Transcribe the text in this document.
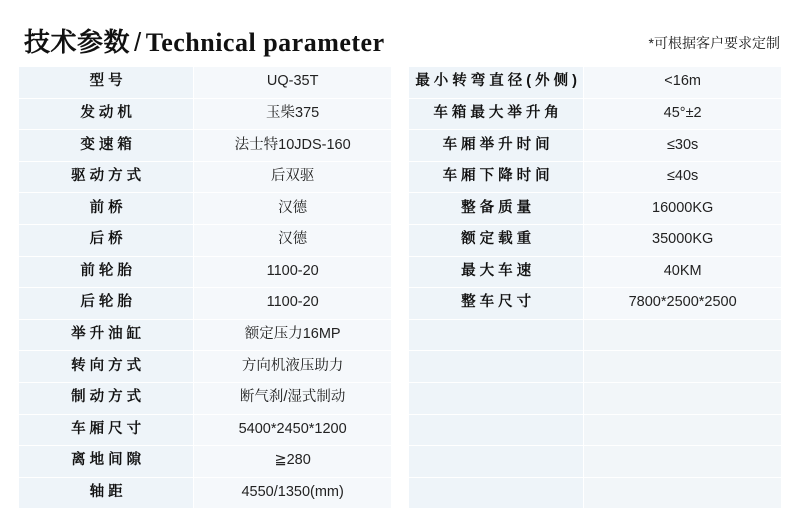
技术参数 / Technical parameter	*可根据客户要求定制
型号	UQ-35T
发动机	玉柴375
变速箱	法士特10JDS-160
驱动方式	后双驱
前桥	汉德
后桥	汉德
前轮胎	1100-20
后轮胎	1100-20
举升油缸	额定压力16MP
转向方式	方向机液压助力
制动方式	断气刹/湿式制动
车厢尺寸	5400*2450*1200
离地间隙	≧280
轴距	4550/1350(mm)
最小转弯直径(外侧)	<16m
车箱最大举升角	45°±2
车厢举升时间	≤30s
车厢下降时间	≤40s
整备质量	16000KG
额定载重	35000KG
最大车速	40KM
整车尺寸	7800*2500*2500
